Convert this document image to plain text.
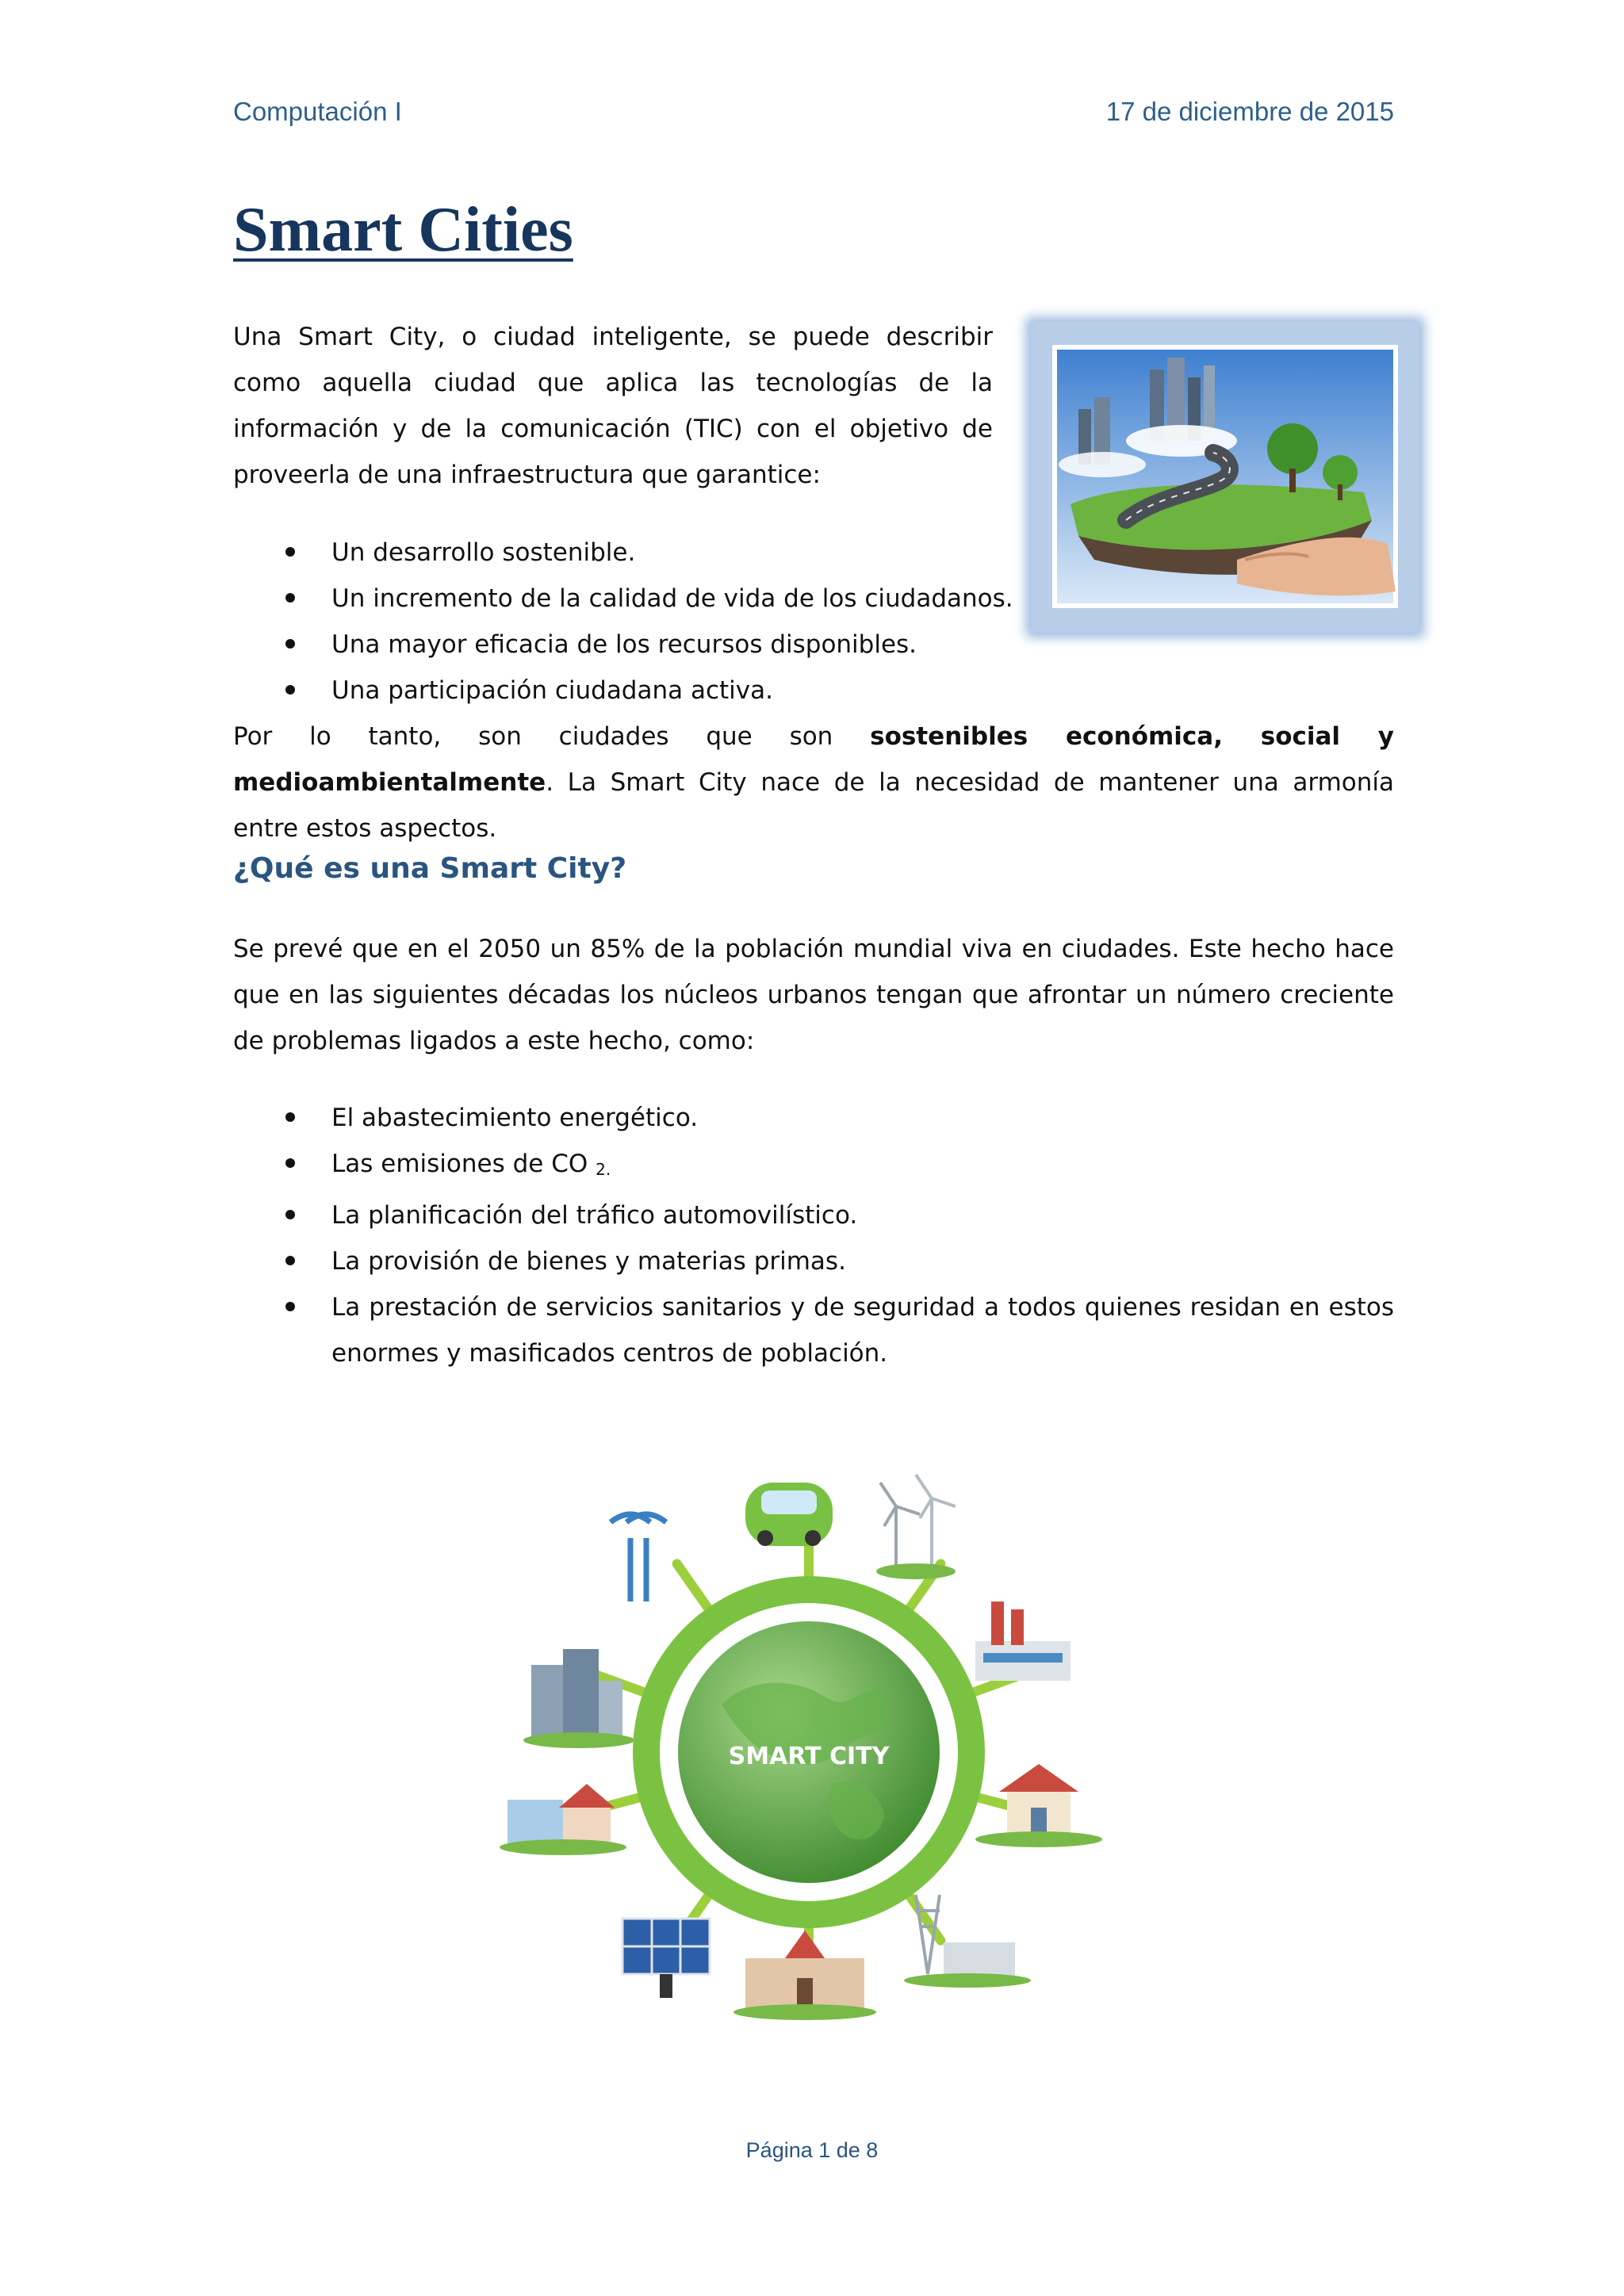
Computación I	17 de diciembre de 2015
Smart Cities

Una Smart City, o ciudad inteligente, se puede describir como aquella ciudad que aplica las tecnologías de la información y de la comunicación (TIC) con el objetivo de proveerla de una infraestructura que garantice:

Un desarrollo sostenible.
Un incremento de la calidad de vida de los ciudadanos.
Una mayor eficacia de los recursos disponibles.
Una participación ciudadana activa.

Por lo tanto, son ciudades que son sostenibles económica, social y medioambientalmente. La Smart City nace de la necesidad de mantener una armonía entre estos aspectos.

¿Qué es una Smart City?

Se prevé que en el 2050 un 85% de la población mundial viva en ciudades. Este hecho hace que en las siguientes décadas los núcleos urbanos tengan que afrontar un número creciente de problemas ligados a este hecho, como:

El abastecimiento energético.
Las emisiones de CO $_{2.}$
La planificación del tráfico automovilístico.
La provisión de bienes y materias primas.
La prestación de servicios sanitarios y de seguridad a todos quienes residan en estos enormes y masificados centros de población.
SMART CITY
Página 1 de 8
